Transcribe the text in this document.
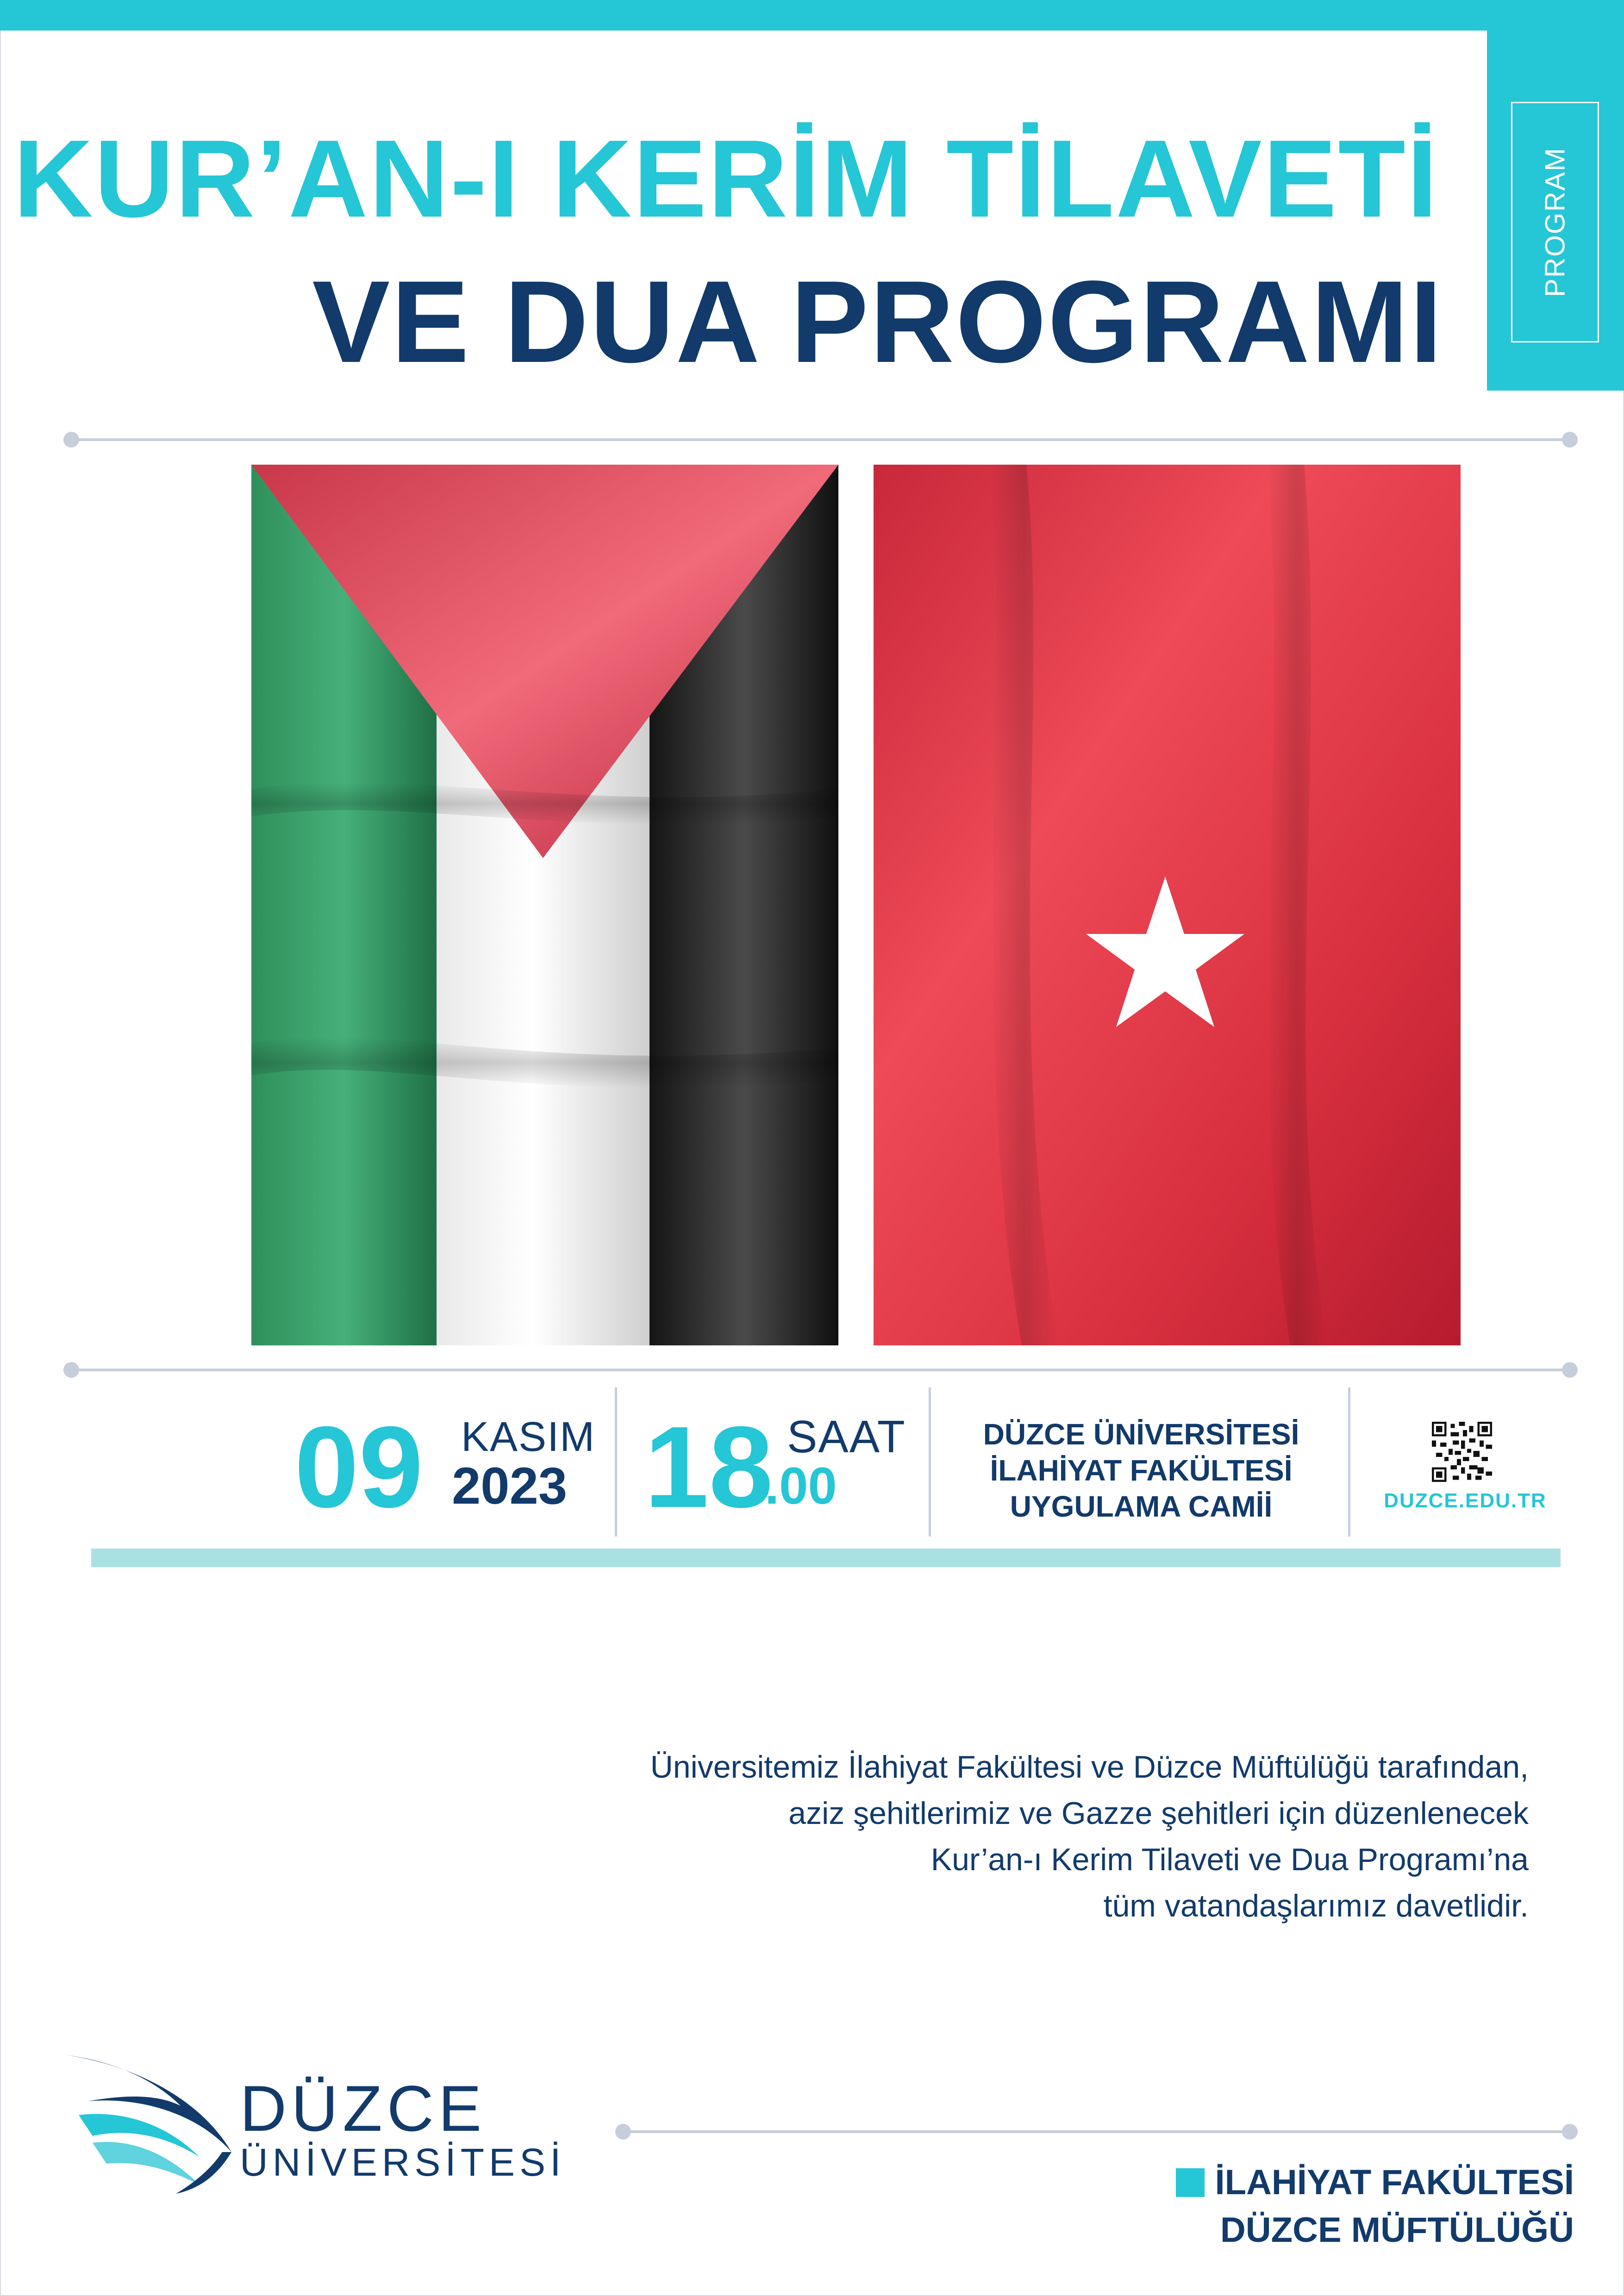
PROGRAM
KUR’AN-I KERİM TİLAVETİ
VE DUA PROGRAMI
09 KASIM
2023 18 SAAT
.00
DÜZCE ÜNİVERSİTESİ
İLAHİYAT FAKÜLTESİ
UYGULAMA CAMİİ	DUZCE.EDU.TR
Üniversitemiz İlahiyat Fakültesi ve Düzce Müftülüğü tarafından,
aziz şehitlerimiz ve Gazze şehitleri için düzenlenecek
Kur’an-ı Kerim Tilaveti ve Dua Programı’na
tüm vatandaşlarımız davetlidir.
DÜZCE
ÜNİVERSİTESİ	İLAHİYAT FAKÜLTESİ
DÜZCE MÜFTÜLÜĞÜ
